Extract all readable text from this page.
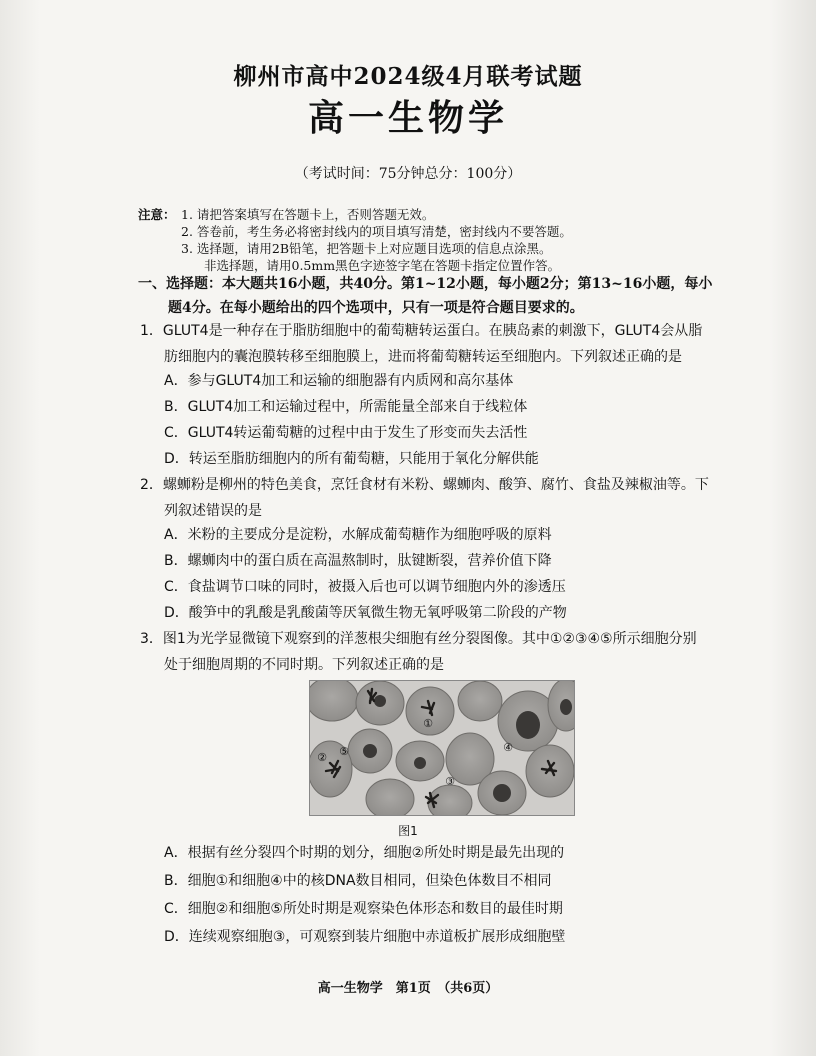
柳州市高中2024级4月联考试题
高一生物学
（考试时间：75分钟总分：100分）
注意： 1. 请把答案填写在答题卡上，否则答题无效。
2. 答卷前，考生务必将密封线内的项目填写清楚，密封线内不要答题。
3. 选择题，请用2B铅笔，把答题卡上对应题目选项的信息点涂黑。
非选择题，请用0.5mm黑色字迹签字笔在答题卡指定位置作答。
一、选择题：本大题共16小题，共40分。第1~12小题，每小题2分；第13~16小题，每小
题4分。在每小题给出的四个选项中，只有一项是符合题目要求的。
1．GLUT4是一种存在于脂肪细胞中的葡萄糖转运蛋白。在胰岛素的刺激下，GLUT4会从脂
肪细胞内的囊泡膜转移至细胞膜上，进而将葡萄糖转运至细胞内。下列叙述正确的是
A．参与GLUT4加工和运输的细胞器有内质网和高尔基体
B．GLUT4加工和运输过程中，所需能量全部来自于线粒体
C．GLUT4转运葡萄糖的过程中由于发生了形变而失去活性
D．转运至脂肪细胞内的所有葡萄糖，只能用于氧化分解供能
2．螺蛳粉是柳州的特色美食，烹饪食材有米粉、螺蛳肉、酸笋、腐竹、食盐及辣椒油等。下
列叙述错误的是
A．米粉的主要成分是淀粉，水解成葡萄糖作为细胞呼吸的原料
B．螺蛳肉中的蛋白质在高温熬制时，肽键断裂，营养价值下降
C．食盐调节口味的同时，被摄入后也可以调节细胞内外的渗透压
D．酸笋中的乳酸是乳酸菌等厌氧微生物无氧呼吸第二阶段的产物
3．图1为光学显微镜下观察到的洋葱根尖细胞有丝分裂图像。其中①②③④⑤所示细胞分别
处于细胞周期的不同时期。下列叙述正确的是
①
②
③
④
⑤
图1
A．根据有丝分裂四个时期的划分，细胞②所处时期是最先出现的
B．细胞①和细胞④中的核DNA数目相同，但染色体数目不相同
C．细胞②和细胞⑤所处时期是观察染色体形态和数目的最佳时期
D．连续观察细胞③，可观察到装片细胞中赤道板扩展形成细胞壁
高一生物学　第1页　（共6页）
